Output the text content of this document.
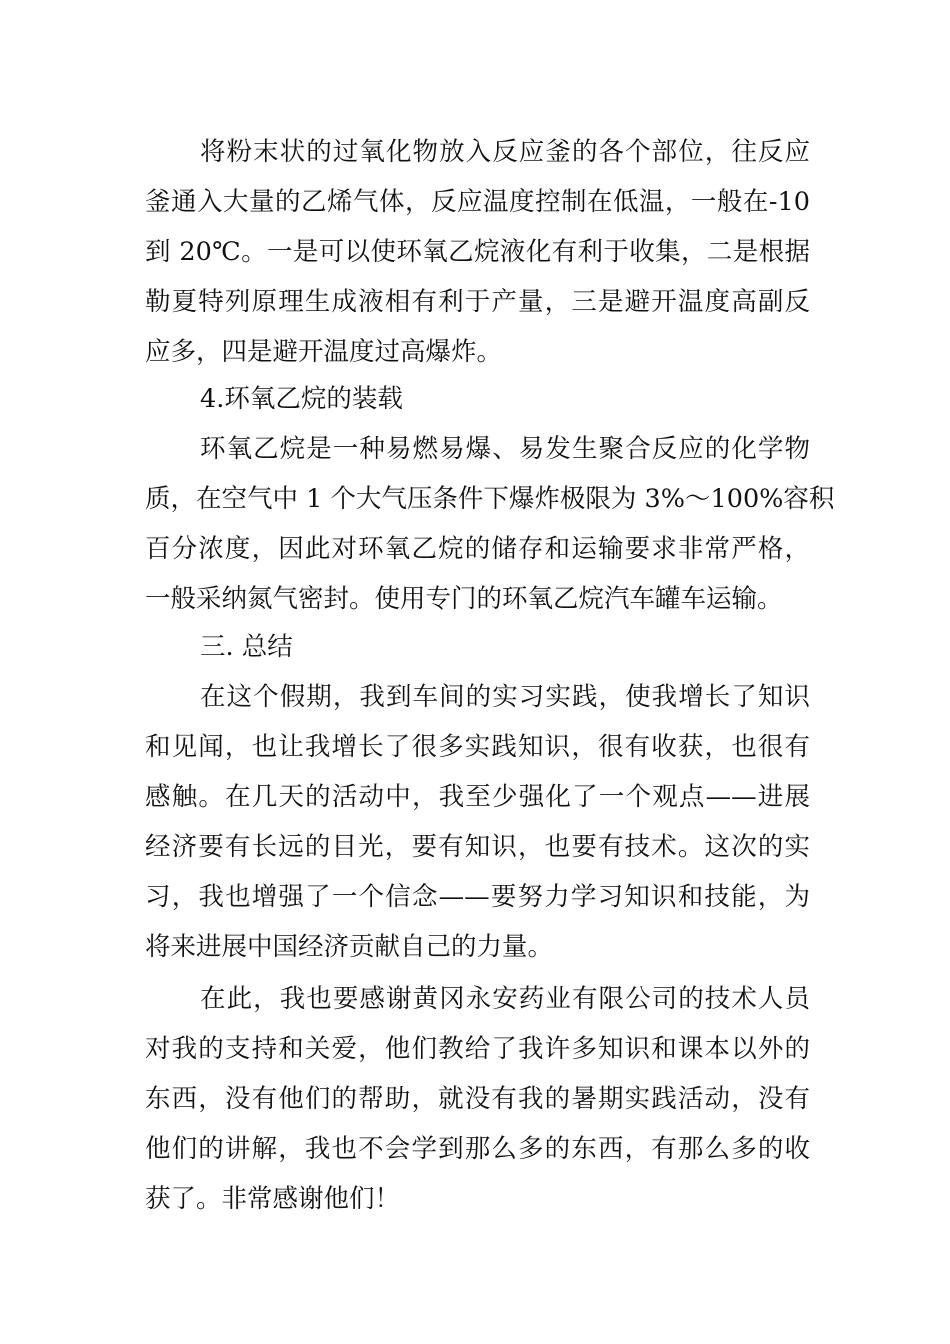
将粉末状的过氧化物放入反应釜的各个部位，往反应
釜通入大量的乙烯气体，反应温度控制在低温，一般在-10
到 20℃。一是可以使环氧乙烷液化有利于收集，二是根据
勒夏特列原理生成液相有利于产量，三是避开温度高副反
应多，四是避开温度过高爆炸。
4.环氧乙烷的装载
环氧乙烷是一种易燃易爆、易发生聚合反应的化学物
质，在空气中 1 个大气压条件下爆炸极限为 3%～100%容积
百分浓度，因此对环氧乙烷的储存和运输要求非常严格，
一般采纳氮气密封。使用专门的环氧乙烷汽车罐车运输。
三. 总结
在这个假期，我到车间的实习实践，使我增长了知识
和见闻，也让我增长了很多实践知识，很有收获，也很有
感触。在几天的活动中，我至少强化了一个观点——进展
经济要有长远的目光，要有知识，也要有技术。这次的实
习，我也增强了一个信念——要努力学习知识和技能，为
将来进展中国经济贡献自己的力量。
在此，我也要感谢黄冈永安药业有限公司的技术人员
对我的支持和关爱，他们教给了我许多知识和课本以外的
东西，没有他们的帮助，就没有我的暑期实践活动，没有
他们的讲解，我也不会学到那么多的东西，有那么多的收
获了。非常感谢他们！
